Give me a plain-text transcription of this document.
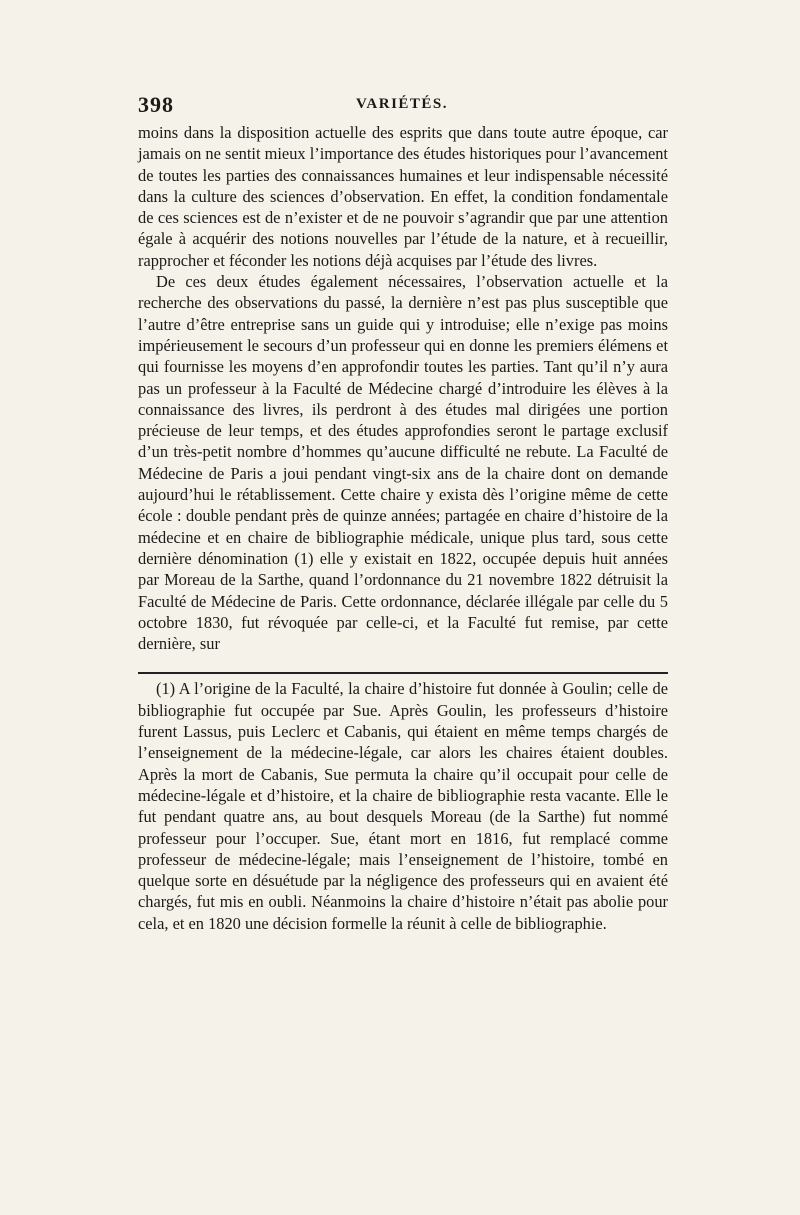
398	VARIÉTÉS.

moins dans la disposition actuelle des esprits que dans toute autre époque, car jamais on ne sentit mieux l’importance des études historiques pour l’avancement de toutes les parties des connaissances humaines et leur indispensable nécessité dans la culture des sciences d’observation. En effet, la condition fondamentale de ces sciences est de n’exister et de ne pouvoir s’agrandir que par une attention égale à acquérir des notions nouvelles par l’étude de la nature, et à recueillir, rapprocher et féconder les notions déjà acquises par l’étude des livres.

De ces deux études également nécessaires, l’observation actuelle et la recherche des observations du passé, la dernière n’est pas plus susceptible que l’autre d’être entreprise sans un guide qui y introduise; elle n’exige pas moins impérieusement le secours d’un professeur qui en donne les premiers élémens et qui fournisse les moyens d’en approfondir toutes les parties. Tant qu’il n’y aura pas un professeur à la Faculté de Médecine chargé d’introduire les élèves à la connaissance des livres, ils perdront à des études mal dirigées une portion précieuse de leur temps, et des études approfondies seront le partage exclusif d’un très-petit nombre d’hommes qu’aucune difficulté ne rebute. La Faculté de Médecine de Paris a joui pendant vingt-six ans de la chaire dont on demande aujourd’hui le rétablissement. Cette chaire y exista dès l’origine même de cette école : double pendant près de quinze années; partagée en chaire d’histoire de la médecine et en chaire de bibliographie médicale, unique plus tard, sous cette dernière dénomination (1) elle y existait en 1822, occupée depuis huit années par Moreau de la Sarthe, quand l’ordonnance du 21 novembre 1822 détruisit la Faculté de Médecine de Paris. Cette ordonnance, déclarée illégale par celle du 5 octobre 1830, fut révoquée par celle-ci, et la Faculté fut remise, par cette dernière, sur

(1) A l’origine de la Faculté, la chaire d’histoire fut donnée à Goulin; celle de bibliographie fut occupée par Sue. Après Goulin, les professeurs d’histoire furent Lassus, puis Leclerc et Cabanis, qui étaient en même temps chargés de l’enseignement de la médecine-légale, car alors les chaires étaient doubles. Après la mort de Cabanis, Sue permuta la chaire qu’il occupait pour celle de médecine-légale et d’histoire, et la chaire de bibliographie resta vacante. Elle le fut pendant quatre ans, au bout desquels Moreau (de la Sarthe) fut nommé professeur pour l’occuper. Sue, étant mort en 1816, fut remplacé comme professeur de médecine-légale; mais l’enseignement de l’histoire, tombé en quelque sorte en désuétude par la négligence des professeurs qui en avaient été chargés, fut mis en oubli. Néanmoins la chaire d’histoire n’était pas abolie pour cela, et en 1820 une décision formelle la réunit à celle de bibliographie.
